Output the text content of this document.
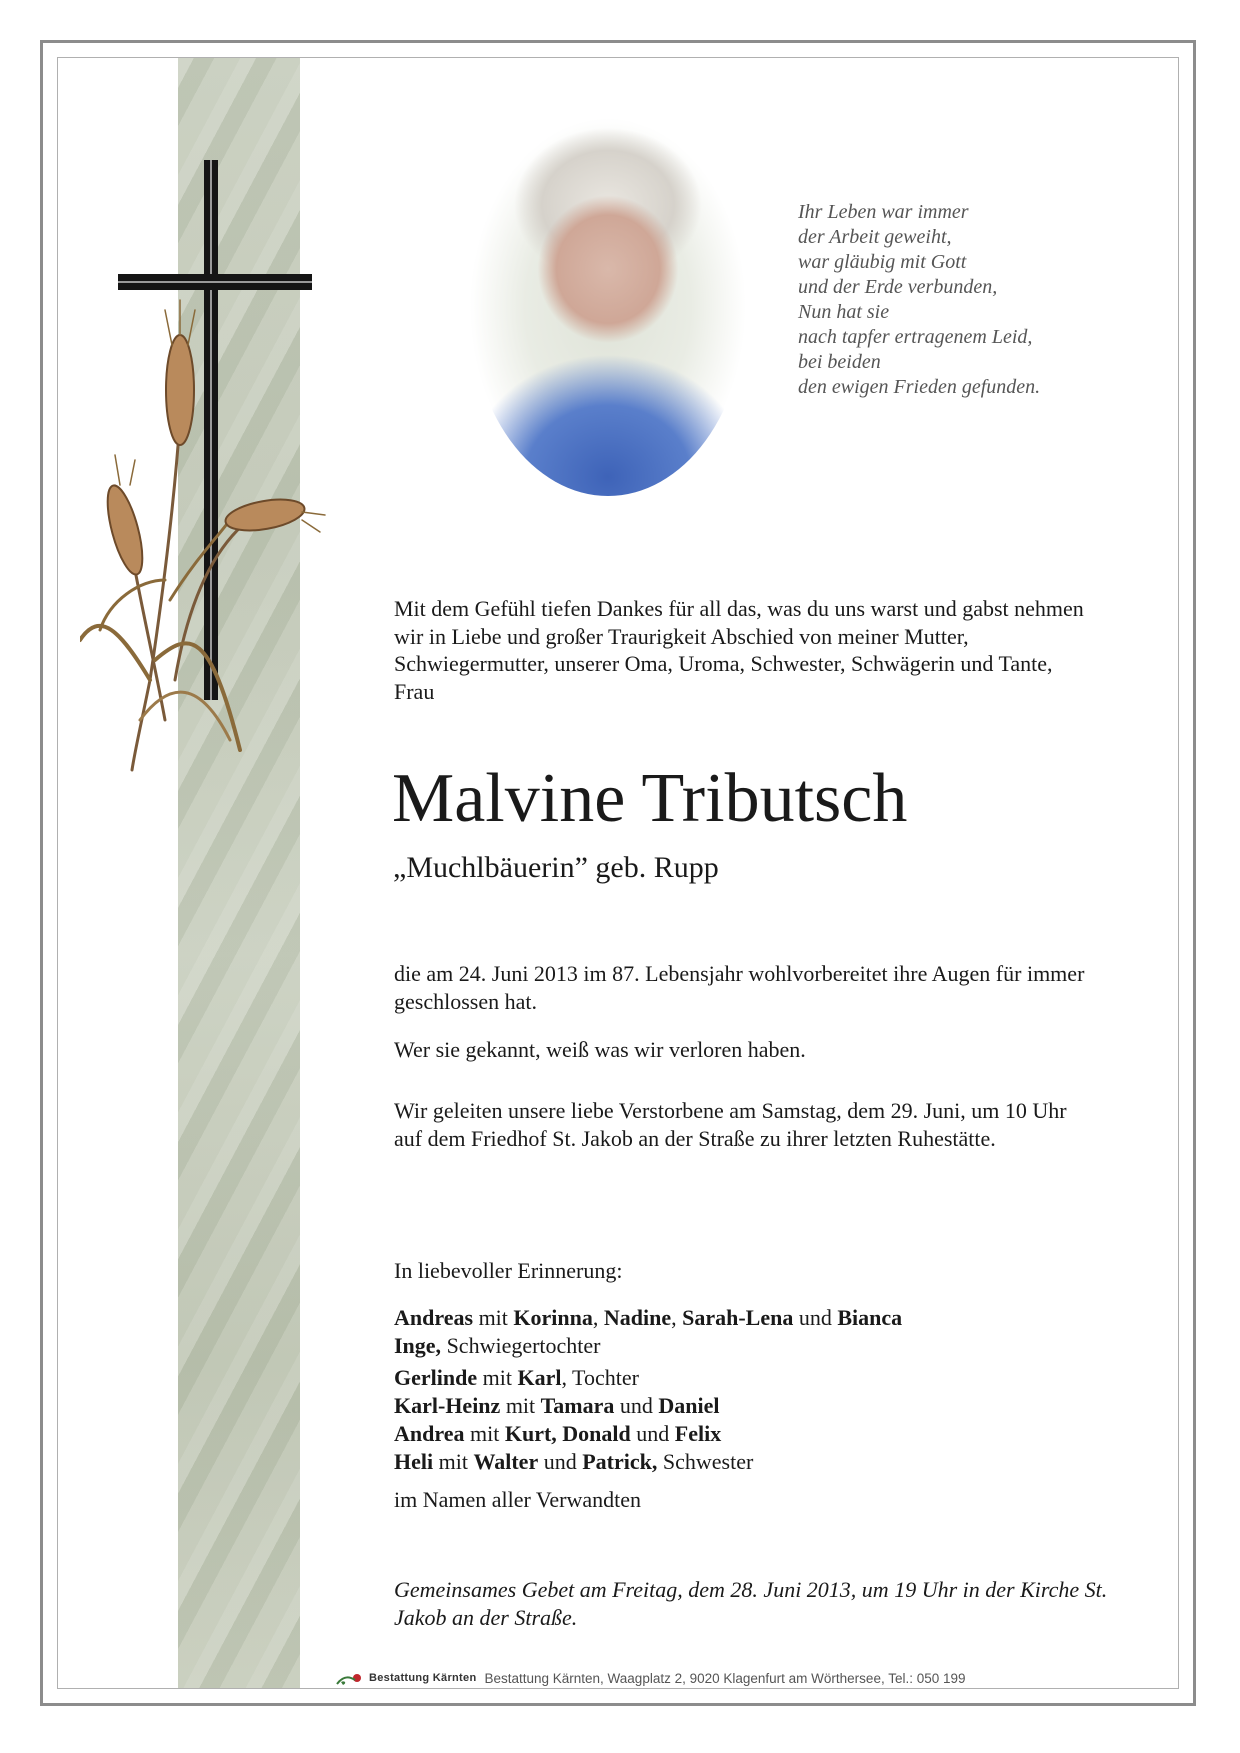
Ihr Leben war immer
der Arbeit geweiht,
war gläubig mit Gott
und der Erde verbunden,
Nun hat sie
nach tapfer ertragenem Leid,
bei beiden
den ewigen Frieden gefunden.

Mit dem Gefühl tiefen Dankes für all das, was du uns warst und gabst nehmen wir in Liebe und großer Traurigkeit Abschied von meiner Mutter, Schwiegermutter, unserer Oma, Uroma, Schwester, Schwägerin und Tante, Frau

Malvine Tributsch
„Muchlbäuerin” geb. Rupp

die am 24. Juni 2013 im 87. Lebensjahr wohlvorbereitet ihre Augen für immer geschlossen hat.

Wer sie gekannt, weiß was wir verloren haben.

Wir geleiten unsere liebe Verstorbene am Samstag, dem 29. Juni, um 10 Uhr auf dem Friedhof St. Jakob an der Straße zu ihrer letzten Ruhestätte.

In liebevoller Erinnerung:

Andreas mit Korinna, Nadine, Sarah-Lena und Bianca
Inge, Schwiegertochter
Gerlinde mit Karl, Tochter
Karl-Heinz mit Tamara und Daniel
Andrea mit Kurt, Donald und Felix
Heli mit Walter und Patrick, Schwester
im Namen aller Verwandten

Gemeinsames Gebet am Freitag, dem 28. Juni 2013, um 19 Uhr in der Kirche St. Jakob an der Straße.

Bestattung Kärnten Bestattung Kärnten, Waagplatz 2, 9020 Klagenfurt am Wörthersee, Tel.: 050 199
